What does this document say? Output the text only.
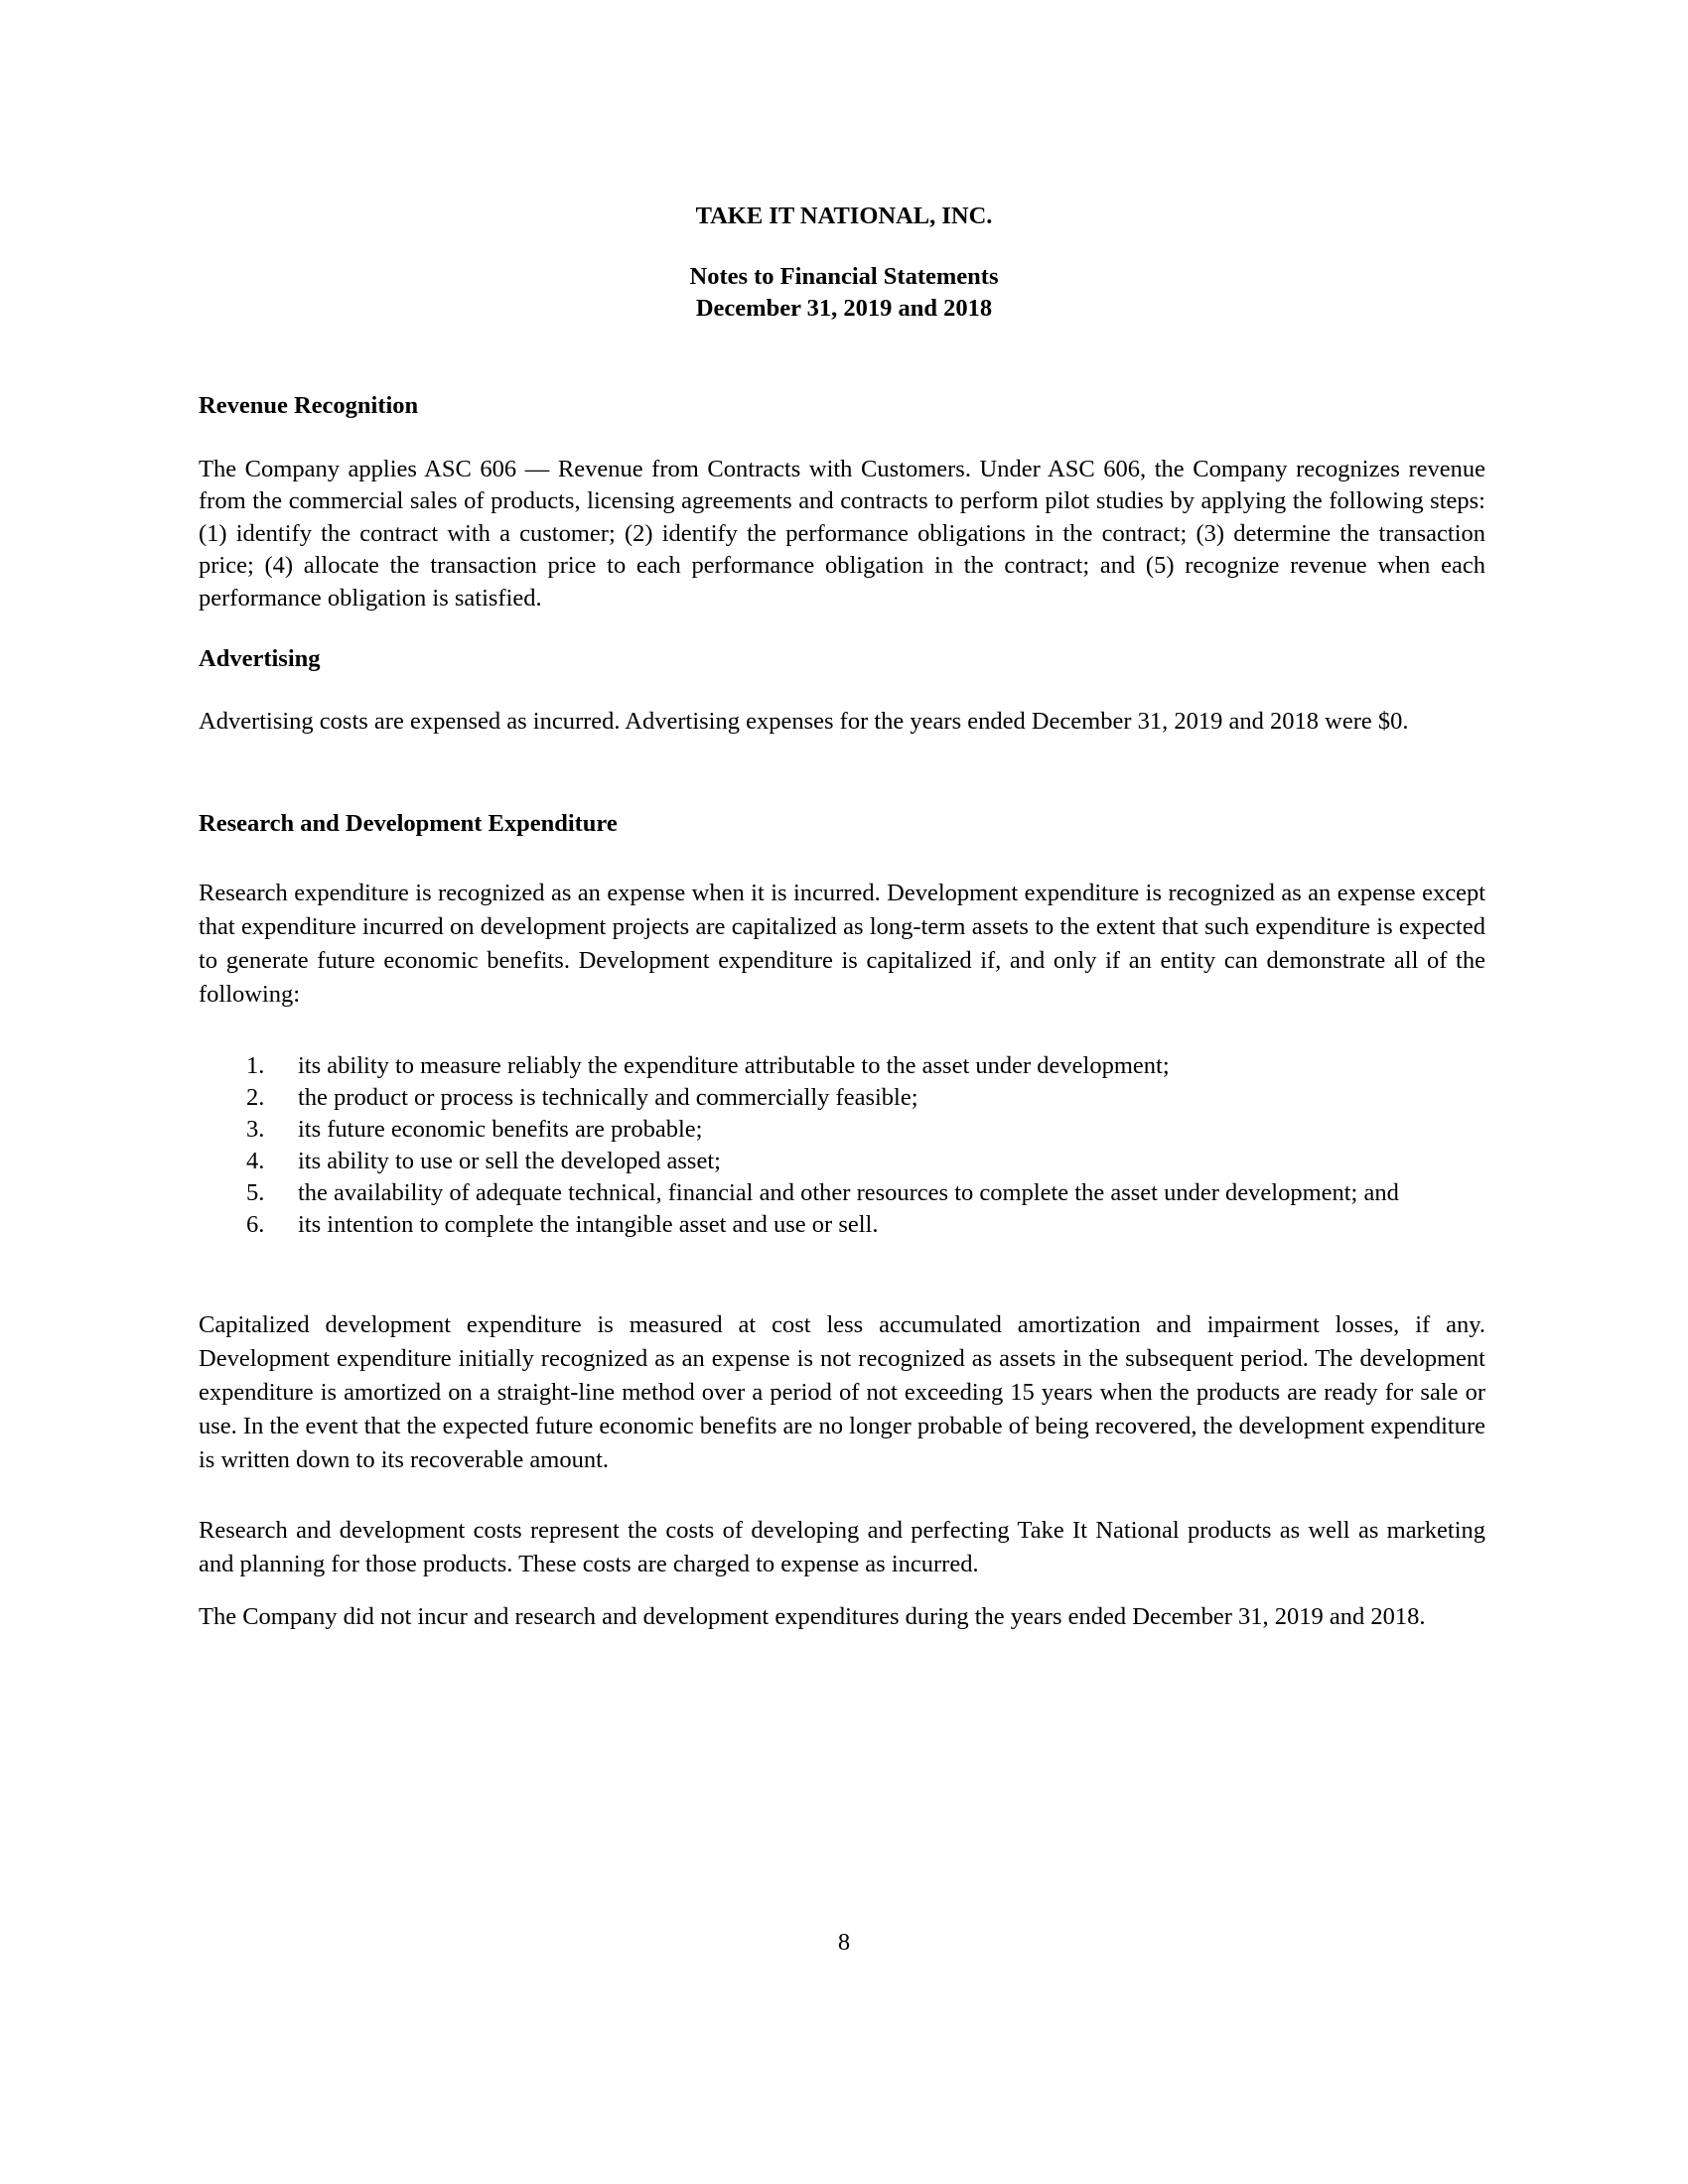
TAKE IT NATIONAL, INC.
Notes to Financial Statements
December 31, 2019 and 2018
Revenue Recognition

The Company applies ASC 606 — Revenue from Contracts with Customers. Under ASC 606, the Company recognizes revenue from the commercial sales of products, licensing agreements and contracts to perform pilot studies by applying the following steps: (1) identify the contract with a customer; (2) identify the performance obligations in the contract; (3) determine the transaction price; (4) allocate the transaction price to each performance obligation in the contract; and (5) recognize revenue when each performance obligation is satisfied.

Advertising

Advertising costs are expensed as incurred. Advertising expenses for the years ended December 31, 2019 and 2018 were $0.

Research and Development Expenditure

Research expenditure is recognized as an expense when it is incurred. Development expenditure is recognized as an expense except that expenditure incurred on development projects are capitalized as long-term assets to the extent that such expenditure is expected to generate future economic benefits. Development expenditure is capitalized if, and only if an entity can demonstrate all of the following:

1. its ability to measure reliably the expenditure attributable to the asset under development;
2. the product or process is technically and commercially feasible;
3. its future economic benefits are probable;
4. its ability to use or sell the developed asset;
5. the availability of adequate technical, financial and other resources to complete the asset under development; and
6. its intention to complete the intangible asset and use or sell.

Capitalized development expenditure is measured at cost less accumulated amortization and impairment losses, if any. Development expenditure initially recognized as an expense is not recognized as assets in the subsequent period. The development expenditure is amortized on a straight-line method over a period of not exceeding 15 years when the products are ready for sale or use. In the event that the expected future economic benefits are no longer probable of being recovered, the development expenditure is written down to its recoverable amount.

Research and development costs represent the costs of developing and perfecting Take It National products as well as marketing and planning for those products. These costs are charged to expense as incurred.

The Company did not incur and research and development expenditures during the years ended December 31, 2019 and 2018.

8
